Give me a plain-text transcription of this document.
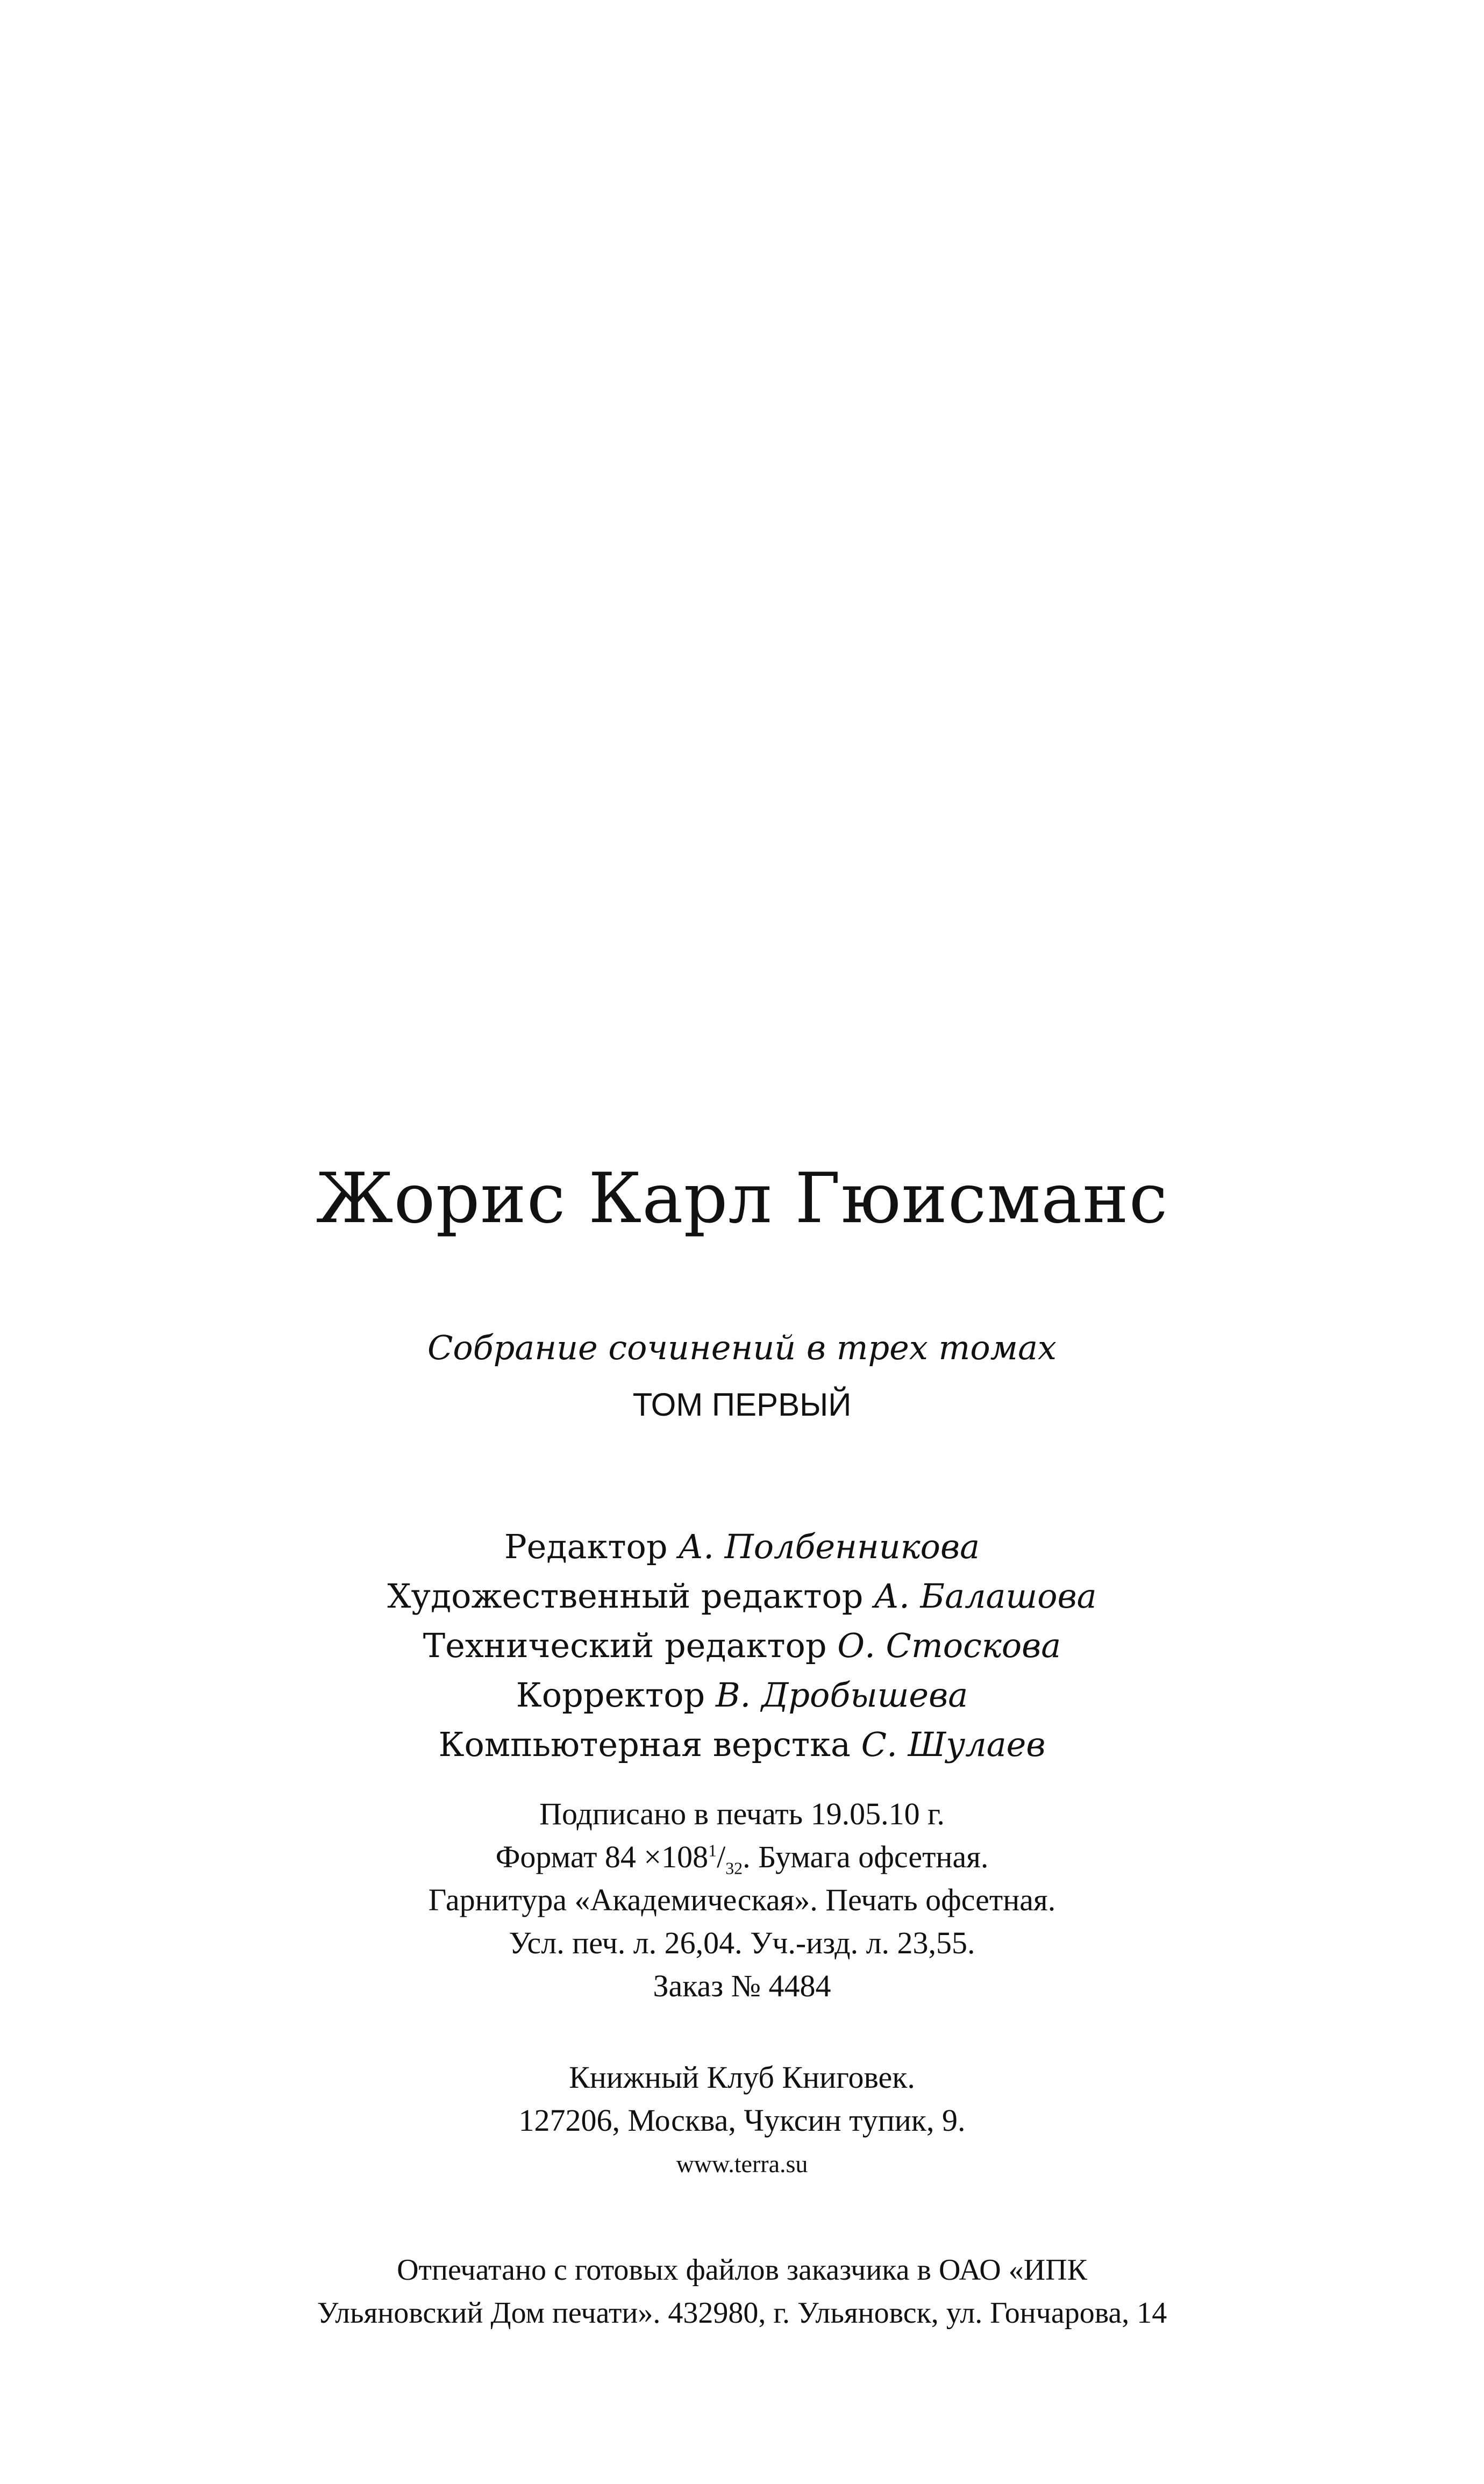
Жорис Карл Гюисманс
Собрание сочинений в трех томах
ТОМ ПЕРВЫЙ
Редактор А. Полбенникова
Художественный редактор А. Балашова
Технический редактор О. Стоскова
Корректор В. Дробышева
Компьютерная верстка С. Шулаев
Подписано в печать 19.05.10 г.
Формат $84 \times 108^1/_{32}$. Бумага офсетная.
Гарнитура «Академическая». Печать офсетная.
Усл. печ. л. 26,04. Уч.-изд. л. 23,55.
Заказ № 4484
Книжный Клуб Книговек.
127206, Москва, Чуксин тупик, 9.
www.terra.su
Отпечатано с готовых файлов заказчика в ОАО «ИПК
Ульяновский Дом печати». 432980, г. Ульяновск, ул. Гончарова, 14
